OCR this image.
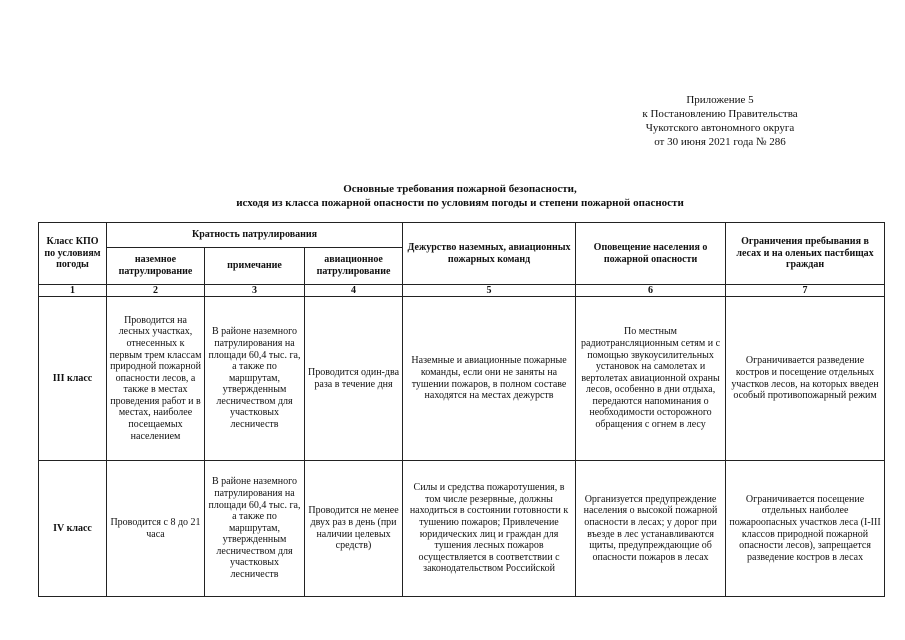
Приложение 5
к Постановлению Правительства
Чукотского автономного округа
от 30 июня 2021 года № 286
Основные требования пожарной безопасности,
исходя из класса пожарной опасности по условиям погоды и степени пожарной опасности
Класс КПО по условиям погоды	Кратность патрулирования			Дежурство наземных, авиационных пожарных команд	Оповещение населения о пожарной опасности	Ограничения пребывания в лесах и на оленьих пастбищах граждан
	наземное патрулирование	примечание	авиационное патрулирование			
1	2	3	4	5	6	7
III класс	Проводится на лесных участках, отнесенных к первым трем классам природной пожарной опасности лесов, а также в местах проведения работ и в местах, наиболее посещаемых населением	В районе наземного патрулирования на площади 60,4 тыс. га, а также по маршрутам, утвержденным лесничеством для участковых лесничеств	Проводится один-два раза в течение дня	Наземные и авиационные пожарные команды, если они не заняты на тушении пожаров, в полном составе находятся на местах дежурств	По местным радиотрансляционным сетям и с помощью звукоусилительных установок на самолетах и вертолетах авиационной охраны лесов, особенно в дни отдыха, передаются напоминания о необходимости осторожного обращения с огнем в лесу	Ограничивается разведение костров и посещение отдельных участков лесов, на которых введен особый противопожарный режим

IV класс	Проводится с 8 до 21 часа	В районе наземного патрулирования на площади 60,4 тыс. га, а также по маршрутам, утвержденным лесничеством для участковых лесничеств	Проводится не менее двух раз в день (при наличии целевых средств)	Силы и средства пожаротушения, в том числе резервные, должны находиться в состоянии готовности к тушению пожаров; Привлечение юридических лиц и граждан для тушения лесных пожаров осуществляется в соответствии с законодательством Российской	Организуется предупреждение населения о высокой пожарной опасности в лесах; у дорог при въезде в лес устанавливаются щиты, предупреждающие об опасности пожаров в лесах	Ограничивается посещение отдельных наиболее пожароопасных участков леса (I-III классов природной пожарной опасности лесов), запрещается разведение костров в лесах
